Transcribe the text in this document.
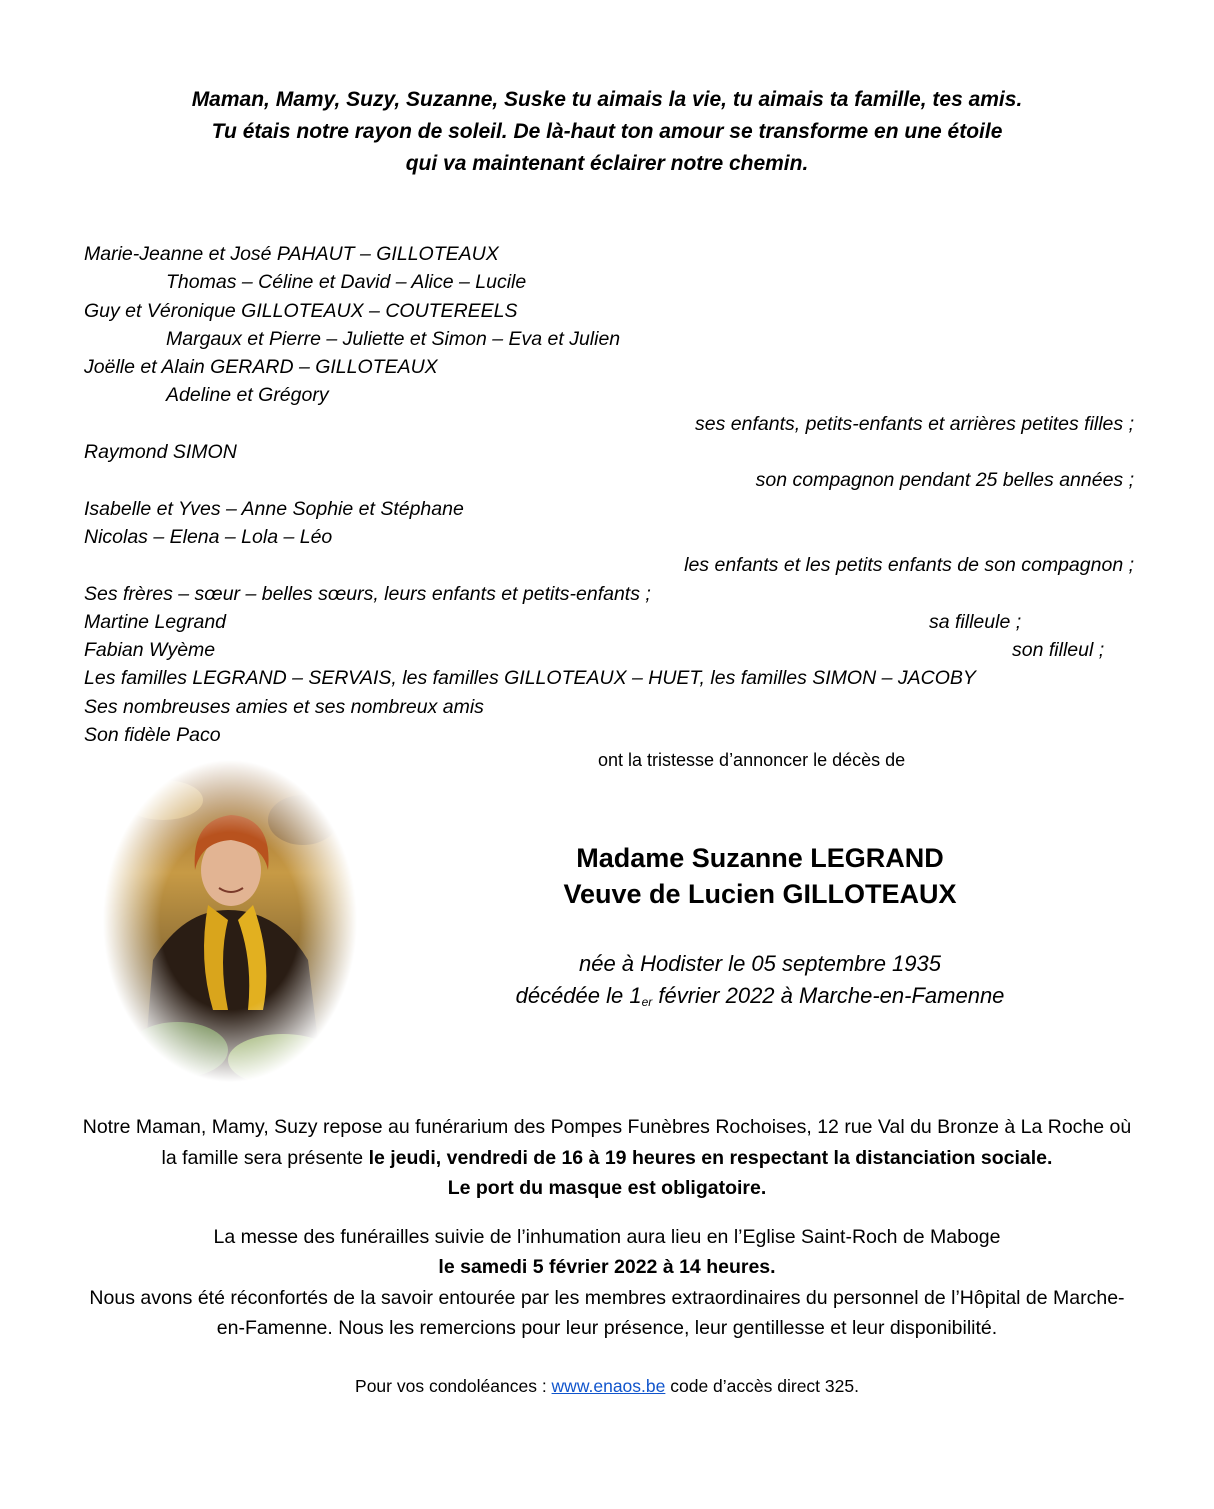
Maman, Mamy, Suzy, Suzanne, Suske tu aimais la vie, tu aimais ta famille, tes amis.
Tu étais notre rayon de soleil. De là-haut ton amour se transforme en une étoile
qui va maintenant éclairer notre chemin.
Marie-Jeanne et José PAHAUT – GILLOTEAUX
Thomas – Céline et David – Alice – Lucile
Guy et Véronique GILLOTEAUX – COUTEREELS
Margaux et Pierre – Juliette et Simon – Eva et Julien
Joëlle et Alain GERARD – GILLOTEAUX
Adeline et Grégory
ses enfants, petits-enfants et arrières petites filles ;
Raymond SIMON
son compagnon pendant 25 belles années ;
Isabelle et Yves – Anne Sophie et Stéphane
Nicolas – Elena – Lola – Léo
les enfants et les petits enfants de son compagnon ;
Ses frères – sœur – belles sœurs, leurs enfants et petits-enfants ;
Martine Legrand	sa filleule ;
Fabian Wyème	son filleul ;
Les familles LEGRAND – SERVAIS, les familles GILLOTEAUX – HUET, les familles SIMON – JACOBY
Ses nombreuses amies et ses nombreux amis
Son fidèle Paco
ont la tristesse d’annoncer le décès de
Madame Suzanne LEGRAND
Veuve de Lucien GILLOTEAUX
née à Hodister le 05 septembre 1935
décédée le $1_{er}$ février 2022 à Marche-en-Famenne

Notre Maman, Mamy, Suzy repose au funérarium des Pompes Funèbres Rochoises, 12 rue Val du Bronze à La Roche où la famille sera présente le jeudi, vendredi de 16 à 19 heures en respectant la distanciation sociale.
Le port du masque est obligatoire.

La messe des funérailles suivie de l’inhumation aura lieu en l’Eglise Saint-Roch de Maboge
le samedi 5 février 2022 à 14 heures.
Nous avons été réconfortés de la savoir entourée par les membres extraordinaires du personnel de l’Hôpital de Marche-en-Famenne. Nous les remercions pour leur présence, leur gentillesse et leur disponibilité.

Pour vos condoléances : www.enaos.be code d’accès direct 325.
